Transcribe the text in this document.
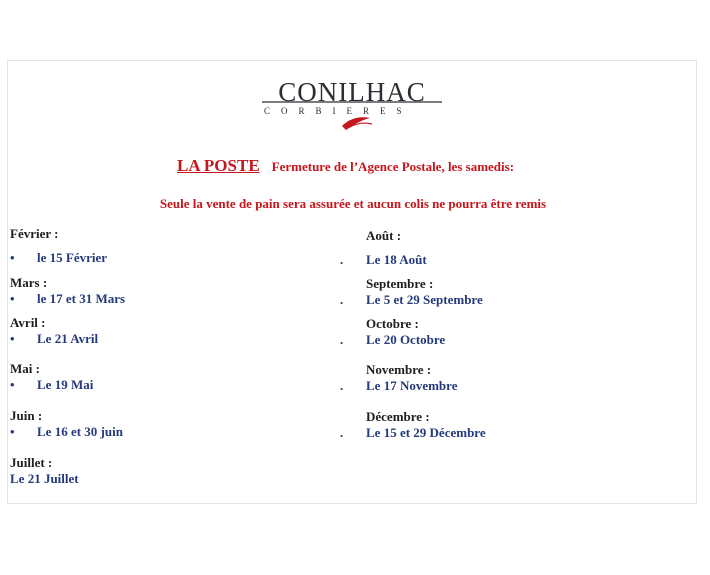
CONILHAC
CORBIERES
LA POSTE Fermeture de l’Agence Postale, les samedis:
Seule la vente de pain sera assurée et aucun colis ne pourra être remis
Février :
• le 15 Février
Mars :
• le 17 et 31 Mars
Avril :
• Le 21 Avril
Mai :
• Le 19 Mai
Juin :
• Le 16 et 30 juin
Juillet :
Le 21 Juillet
Août :
. Le 18 Août
Septembre :
. Le 5 et 29 Septembre
Octobre :
. Le 20 Octobre
Novembre :
. Le 17 Novembre
Décembre :
. Le 15 et 29 Décembre
